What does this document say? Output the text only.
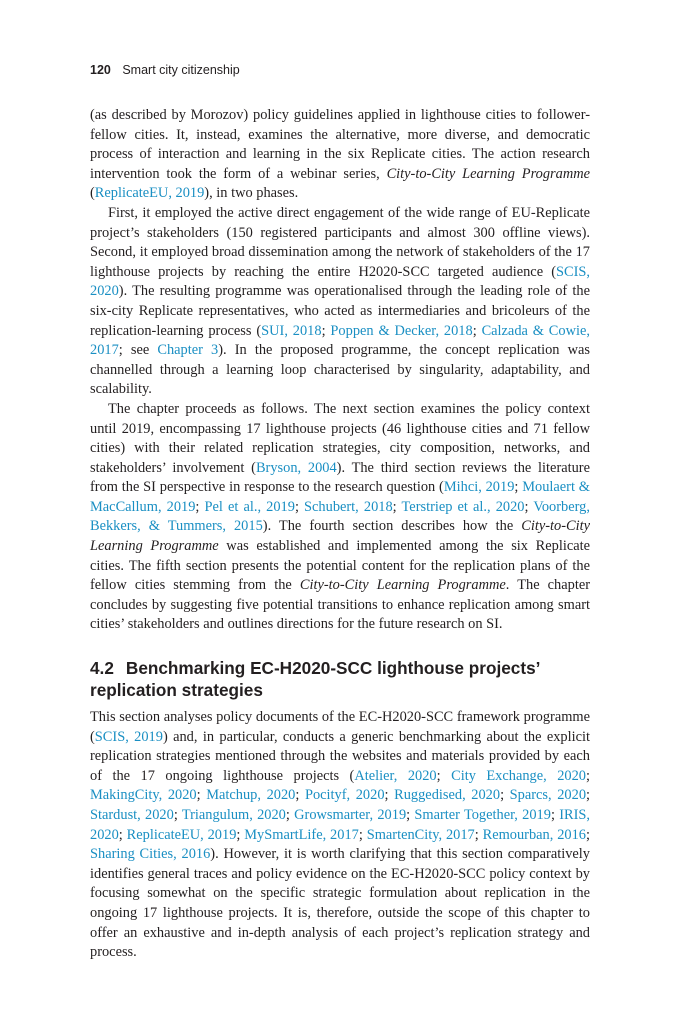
120 Smart city citizenship

(as described by Morozov) policy guidelines applied in lighthouse cities to follower-fellow cities. It, instead, examines the alternative, more diverse, and democratic process of interaction and learning in the six Replicate cities. The action research intervention took the form of a webinar series, City-to-City Learning Programme (ReplicateEU, 2019), in two phases.

First, it employed the active direct engagement of the wide range of EU-Replicate project’s stakeholders (150 registered participants and almost 300 offline views). Second, it employed broad dissemination among the network of stakeholders of the 17 lighthouse projects by reaching the entire H2020-SCC targeted audience (SCIS, 2020). The resulting programme was operationalised through the leading role of the six-city Replicate representatives, who acted as intermediaries and bricoleurs of the replication-learning process (SUI, 2018; Poppen & Decker, 2018; Calzada & Cowie, 2017; see Chapter 3). In the proposed programme, the concept replication was channelled through a learning loop characterised by singularity, adaptability, and scalability.

The chapter proceeds as follows. The next section examines the policy context until 2019, encompassing 17 lighthouse projects (46 lighthouse cities and 71 fellow cities) with their related replication strategies, city composition, networks, and stakeholders’ involvement (Bryson, 2004). The third section reviews the literature from the SI perspective in response to the research question (Mihci, 2019; Moulaert & MacCallum, 2019; Pel et al., 2019; Schubert, 2018; Terstriep et al., 2020; Voorberg, Bekkers, & Tummers, 2015). The fourth section describes how the City-to-City Learning Programme was established and implemented among the six Replicate cities. The fifth section presents the potential content for the replication plans of the fellow cities stemming from the City-to-City Learning Programme. The chapter concludes by suggesting five potential transitions to enhance replication among smart cities’ stakeholders and outlines directions for the future research on SI.

4.2 Benchmarking EC-H2020-SCC lighthouse projects’ replication strategies

This section analyses policy documents of the EC-H2020-SCC framework programme (SCIS, 2019) and, in particular, conducts a generic benchmarking about the explicit replication strategies mentioned through the websites and materials provided by each of the 17 ongoing lighthouse projects (Atelier, 2020; City Exchange, 2020; MakingCity, 2020; Matchup, 2020; Pocityf, 2020; Ruggedised, 2020; Sparcs, 2020; Stardust, 2020; Triangulum, 2020; Growsmarter, 2019; Smarter Together, 2019; IRIS, 2020; ReplicateEU, 2019; MySmartLife, 2017; SmartenCity, 2017; Remourban, 2016; Sharing Cities, 2016). However, it is worth clarifying that this section comparatively identifies general traces and policy evidence on the EC-H2020-SCC policy context by focusing somewhat on the specific strategic formulation about replication in the ongoing 17 lighthouse projects. It is, therefore, outside the scope of this chapter to offer an exhaustive and in-depth analysis of each project’s replication strategy and process.
